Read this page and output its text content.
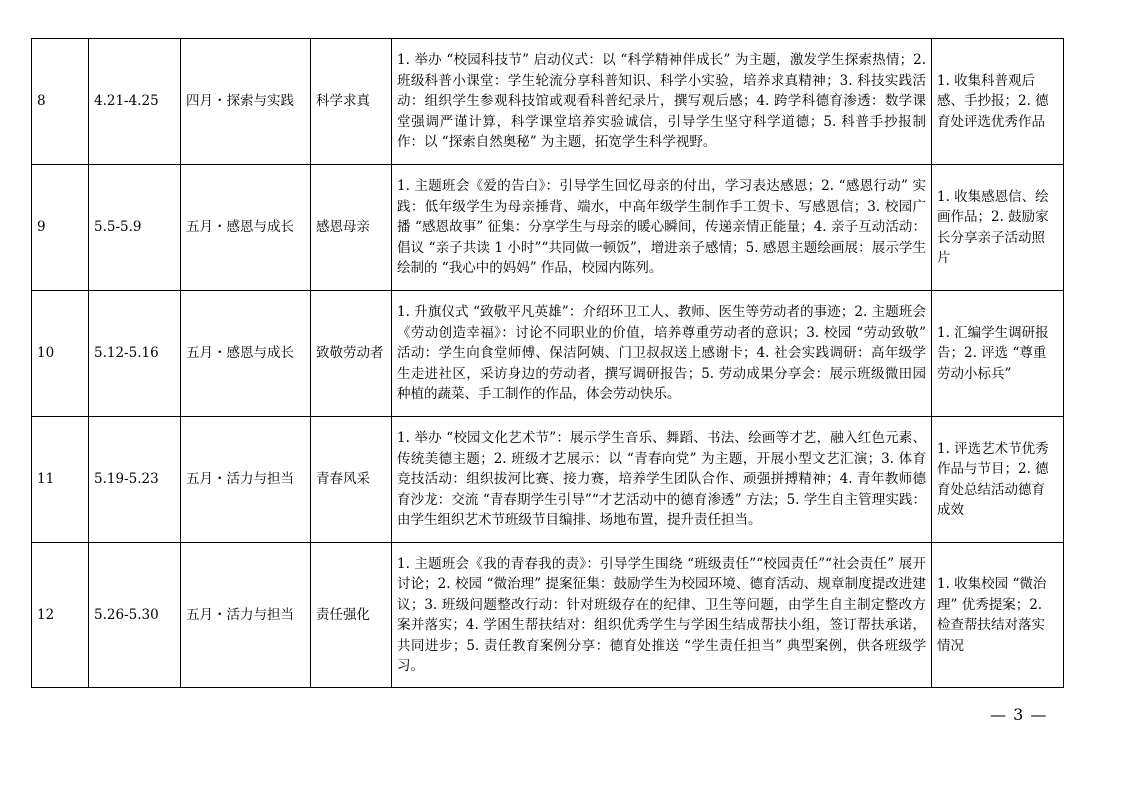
8	4.21-4.25	四月・探索与实践	科学求真	1. 举办 “校园科技节” 启动仪式：以 “科学精神伴成长” 为主题，激发学生探索热情；2. 班级科普小课堂：学生轮流分享科普知识、科学小实验，培养求真精神；3. 科技实践活动：组织学生参观科技馆或观看科普纪录片，撰写观后感；4. 跨学科德育渗透：数学课堂强调严谨计算，科学课堂培养实验诚信，引导学生坚守科学道德；5. 科普手抄报制作：以 “探索自然奥秘” 为主题，拓宽学生科学视野。	1. 收集科普观后感、手抄报；2. 德育处评选优秀作品
9	5.5-5.9	五月・感恩与成长	感恩母亲	1. 主题班会《爱的告白》：引导学生回忆母亲的付出，学习表达感恩；2. “感恩行动” 实践：低年级学生为母亲捶背、端水，中高年级学生制作手工贺卡、写感恩信；3. 校园广播 “感恩故事” 征集：分享学生与母亲的暖心瞬间，传递亲情正能量；4. 亲子互动活动：倡议 “亲子共读 1 小时”“共同做一顿饭”，增进亲子感情；5. 感恩主题绘画展：展示学生绘制的 “我心中的妈妈” 作品，校园内陈列。	1. 收集感恩信、绘画作品；2. 鼓励家长分享亲子活动照片
10	5.12-5.16	五月・感恩与成长	致敬劳动者	1. 升旗仪式 “致敬平凡英雄”：介绍环卫工人、教师、医生等劳动者的事迹；2. 主题班会《劳动创造幸福》：讨论不同职业的价值，培养尊重劳动者的意识；3. 校园 “劳动致敬” 活动：学生向食堂师傅、保洁阿姨、门卫叔叔送上感谢卡；4. 社会实践调研：高年级学生走进社区，采访身边的劳动者，撰写调研报告；5. 劳动成果分享会：展示班级微田园种植的蔬菜、手工制作的作品，体会劳动快乐。	1. 汇编学生调研报告；2. 评选 “尊重劳动小标兵”
11	5.19-5.23	五月・活力与担当	青春风采	1. 举办 “校园文化艺术节”：展示学生音乐、舞蹈、书法、绘画等才艺，融入红色元素、传统美德主题；2. 班级才艺展示：以 “青春向党” 为主题，开展小型文艺汇演；3. 体育竞技活动：组织拔河比赛、接力赛，培养学生团队合作、顽强拼搏精神；4. 青年教师德育沙龙：交流 “青春期学生引导”“才艺活动中的德育渗透” 方法；5. 学生自主管理实践：由学生组织艺术节班级节目编排、场地布置，提升责任担当。	1. 评选艺术节优秀作品与节目；2. 德育处总结活动德育成效
12	5.26-5.30	五月・活力与担当	责任强化	1. 主题班会《我的青春我的责》：引导学生围绕 “班级责任”“校园责任”“社会责任” 展开讨论；2. 校园 “微治理” 提案征集：鼓励学生为校园环境、德育活动、规章制度提改进建议；3. 班级问题整改行动：针对班级存在的纪律、卫生等问题，由学生自主制定整改方案并落实；4. 学困生帮扶结对：组织优秀学生与学困生结成帮扶小组，签订帮扶承诺，共同进步；5. 责任教育案例分享：德育处推送 “学生责任担当” 典型案例，供各班级学习。	1. 收集校园 “微治理” 优秀提案；2. 检查帮扶结对落实情况
— 3 —
